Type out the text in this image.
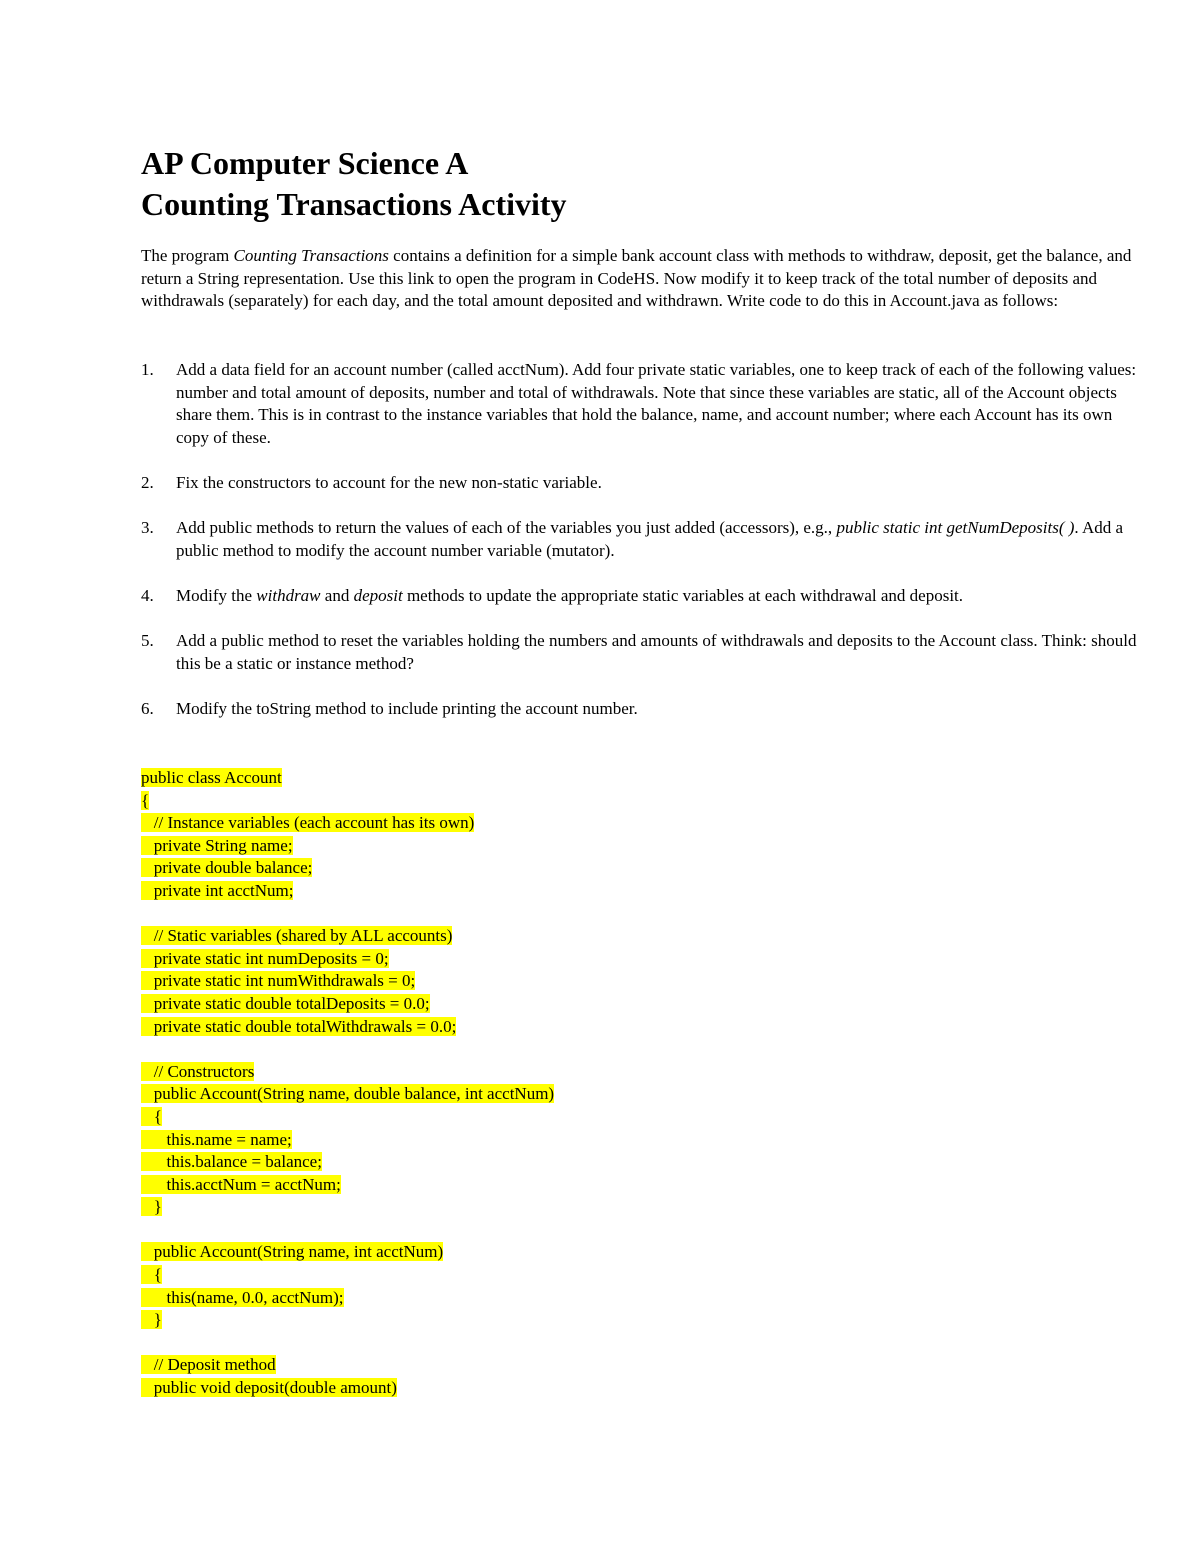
AP Computer Science A
Counting Transactions Activity

The program Counting Transactions contains a definition for a simple bank account class with methods to withdraw, deposit, get the balance, and return a String representation. Use this link to open the program in CodeHS. Now modify it to keep track of the total number of deposits and withdrawals (separately) for each day, and the total amount deposited and withdrawn. Write code to do this in Account.java as follows:

1. Add a data field for an account number (called acctNum). Add four private static variables, one to keep track of each of the following values: number and total amount of deposits, number and total of withdrawals. Note that since these variables are static, all of the Account objects share them. This is in contrast to the instance variables that hold the balance, name, and account number; where each Account has its own copy of these.
2. Fix the constructors to account for the new non-static variable.
3. Add public methods to return the values of each of the variables you just added (accessors), e.g., public static int getNumDeposits( ). Add a public method to modify the account number variable (mutator).
4. Modify the withdraw and deposit methods to update the appropriate static variables at each withdrawal and deposit.
5. Add a public method to reset the variables holding the numbers and amounts of withdrawals and deposits to the Account class. Think: should this be a static or instance method?
6. Modify the toString method to include printing the account number.
public class Account
{
// Instance variables (each account has its own)
private String name;
private double balance;
private int acctNum;
// Static variables (shared by ALL accounts)
private static int numDeposits = 0;
private static int numWithdrawals = 0;
private static double totalDeposits = 0.0;
private static double totalWithdrawals = 0.0;
// Constructors
public Account(String name, double balance, int acctNum)
{
this.name = name;
this.balance = balance;
this.acctNum = acctNum;
}
public Account(String name, int acctNum)
{
this(name, 0.0, acctNum);
}
// Deposit method
public void deposit(double amount)
